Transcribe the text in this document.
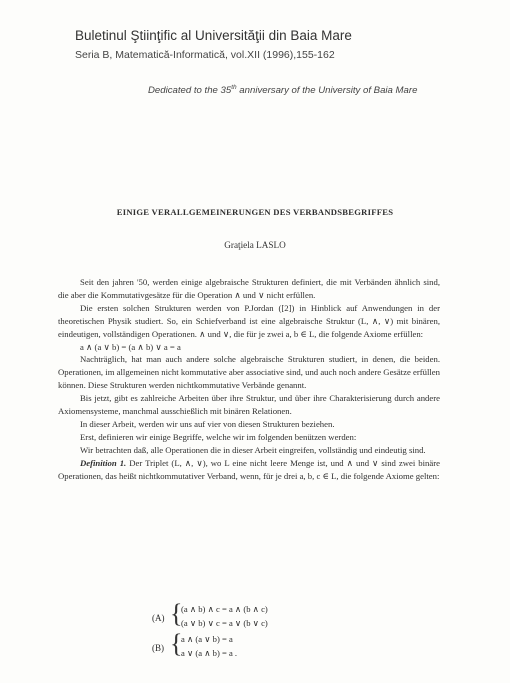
Buletinul Ştiinţific al Universităţii din Baia Mare
Seria B, Matematică-Informatică, vol.XII (1996),155-162
Dedicated to the 35th anniversary of the University of Baia Mare
EINIGE VERALLGEMEINERUNGEN DES VERBANDSBEGRIFFES
Graţiela LASLO

Seit den jahren '50, werden einige algebraische Strukturen definiert, die mit Verbänden ähnlich sind, die aber die Kommutativgesätze für die Operation ∧ und ∨ nicht erfüllen.

Die ersten solchen Strukturen werden von P.Jordan ([2]) in Hinblick auf Anwendungen in der theoretischen Physik studiert. So, ein Schiefverband ist eine algebraische Struktur (L, ∧, ∨) mit binären, eindeutigen, vollständigen Operationen. ∧ und ∨, die für je zwei a, b ∈ L, die folgende Axiome erfüllen:

a ∧ (a ∨ b) = (a ∧ b) ∨ a = a

Nachträglich, hat man auch andere solche algebraische Strukturen studiert, in denen, die beiden. Operationen, im allgemeinen nicht kommutative aber associative sind, und auch noch andere Gesätze erfüllen können. Diese Strukturen werden nichtkommutative Verbände genannt.

Bis jetzt, gibt es zahlreiche Arbeiten über ihre Struktur, und über ihre Charakterisierung durch andere Axiomensysteme, manchmal ausschießlich mit binären Relationen.

In dieser Arbeit, werden wir uns auf vier von diesen Strukturen beziehen.

Erst, definieren wir einige Begriffe, welche wir im folgenden benützen werden:

Wir betrachten daß, alle Operationen die in dieser Arbeit eingreifen, vollständig und eindeutig sind.

Definition 1. Der Triplet (L, ∧, ∨), wo L eine nicht leere Menge ist, und ∧ und ∨ sind zwei binäre Operationen, das heißt nichtkommutativer Verband, wenn, für je drei a, b, c ∈ L, die folgende Axiome gelten:

(A) {
(a ∧ b) ∧ c = a ∧ (b ∧ c)
(a ∨ b) ∨ c = a ∨ (b ∨ c)
(B) {
a ∧ (a ∨ b) = a
a ∨ (a ∧ b) = a .
